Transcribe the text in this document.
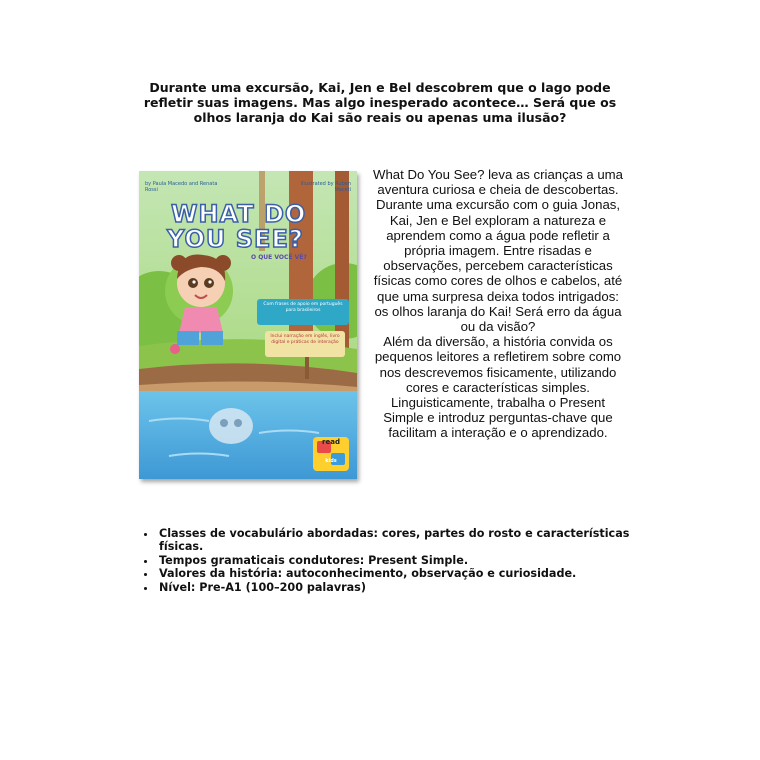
Durante uma excursão, Kai, Jen e Bel descobrem que o lago pode refletir suas imagens. Mas algo inesperado acontece… Será que os olhos laranja do Kai são reais ou apenas uma ilusão?
by Paula Macedo and Renata Rossi
Illustrated by Ruben Maceti
WHAT DO
YOU SEE?
O QUE VOCÊ VÊ?
Com frases de apoio em português para brasileiros
Inclui narração em inglês, livro digital e práticas de interação
read
kids

What Do You See? leva as crianças a uma aventura curiosa e cheia de descobertas. Durante uma excursão com o guia Jonas, Kai, Jen e Bel exploram a natureza e aprendem como a água pode refletir a própria imagem. Entre risadas e observações, percebem características físicas como cores de olhos e cabelos, até que uma surpresa deixa todos intrigados: os olhos laranja do Kai! Será erro da água ou da visão?

Além da diversão, a história convida os pequenos leitores a refletirem sobre como nos descrevemos fisicamente, utilizando cores e características simples. Linguisticamente, trabalha o Present Simple e introduz perguntas-chave que facilitam a interação e o aprendizado.

• Classes de vocabulário abordadas: cores, partes do rosto e características físicas.
• Tempos gramaticais condutores: Present Simple.
• Valores da história: autoconhecimento, observação e curiosidade.
• Nível: Pre-A1 (100–200 palavras)
